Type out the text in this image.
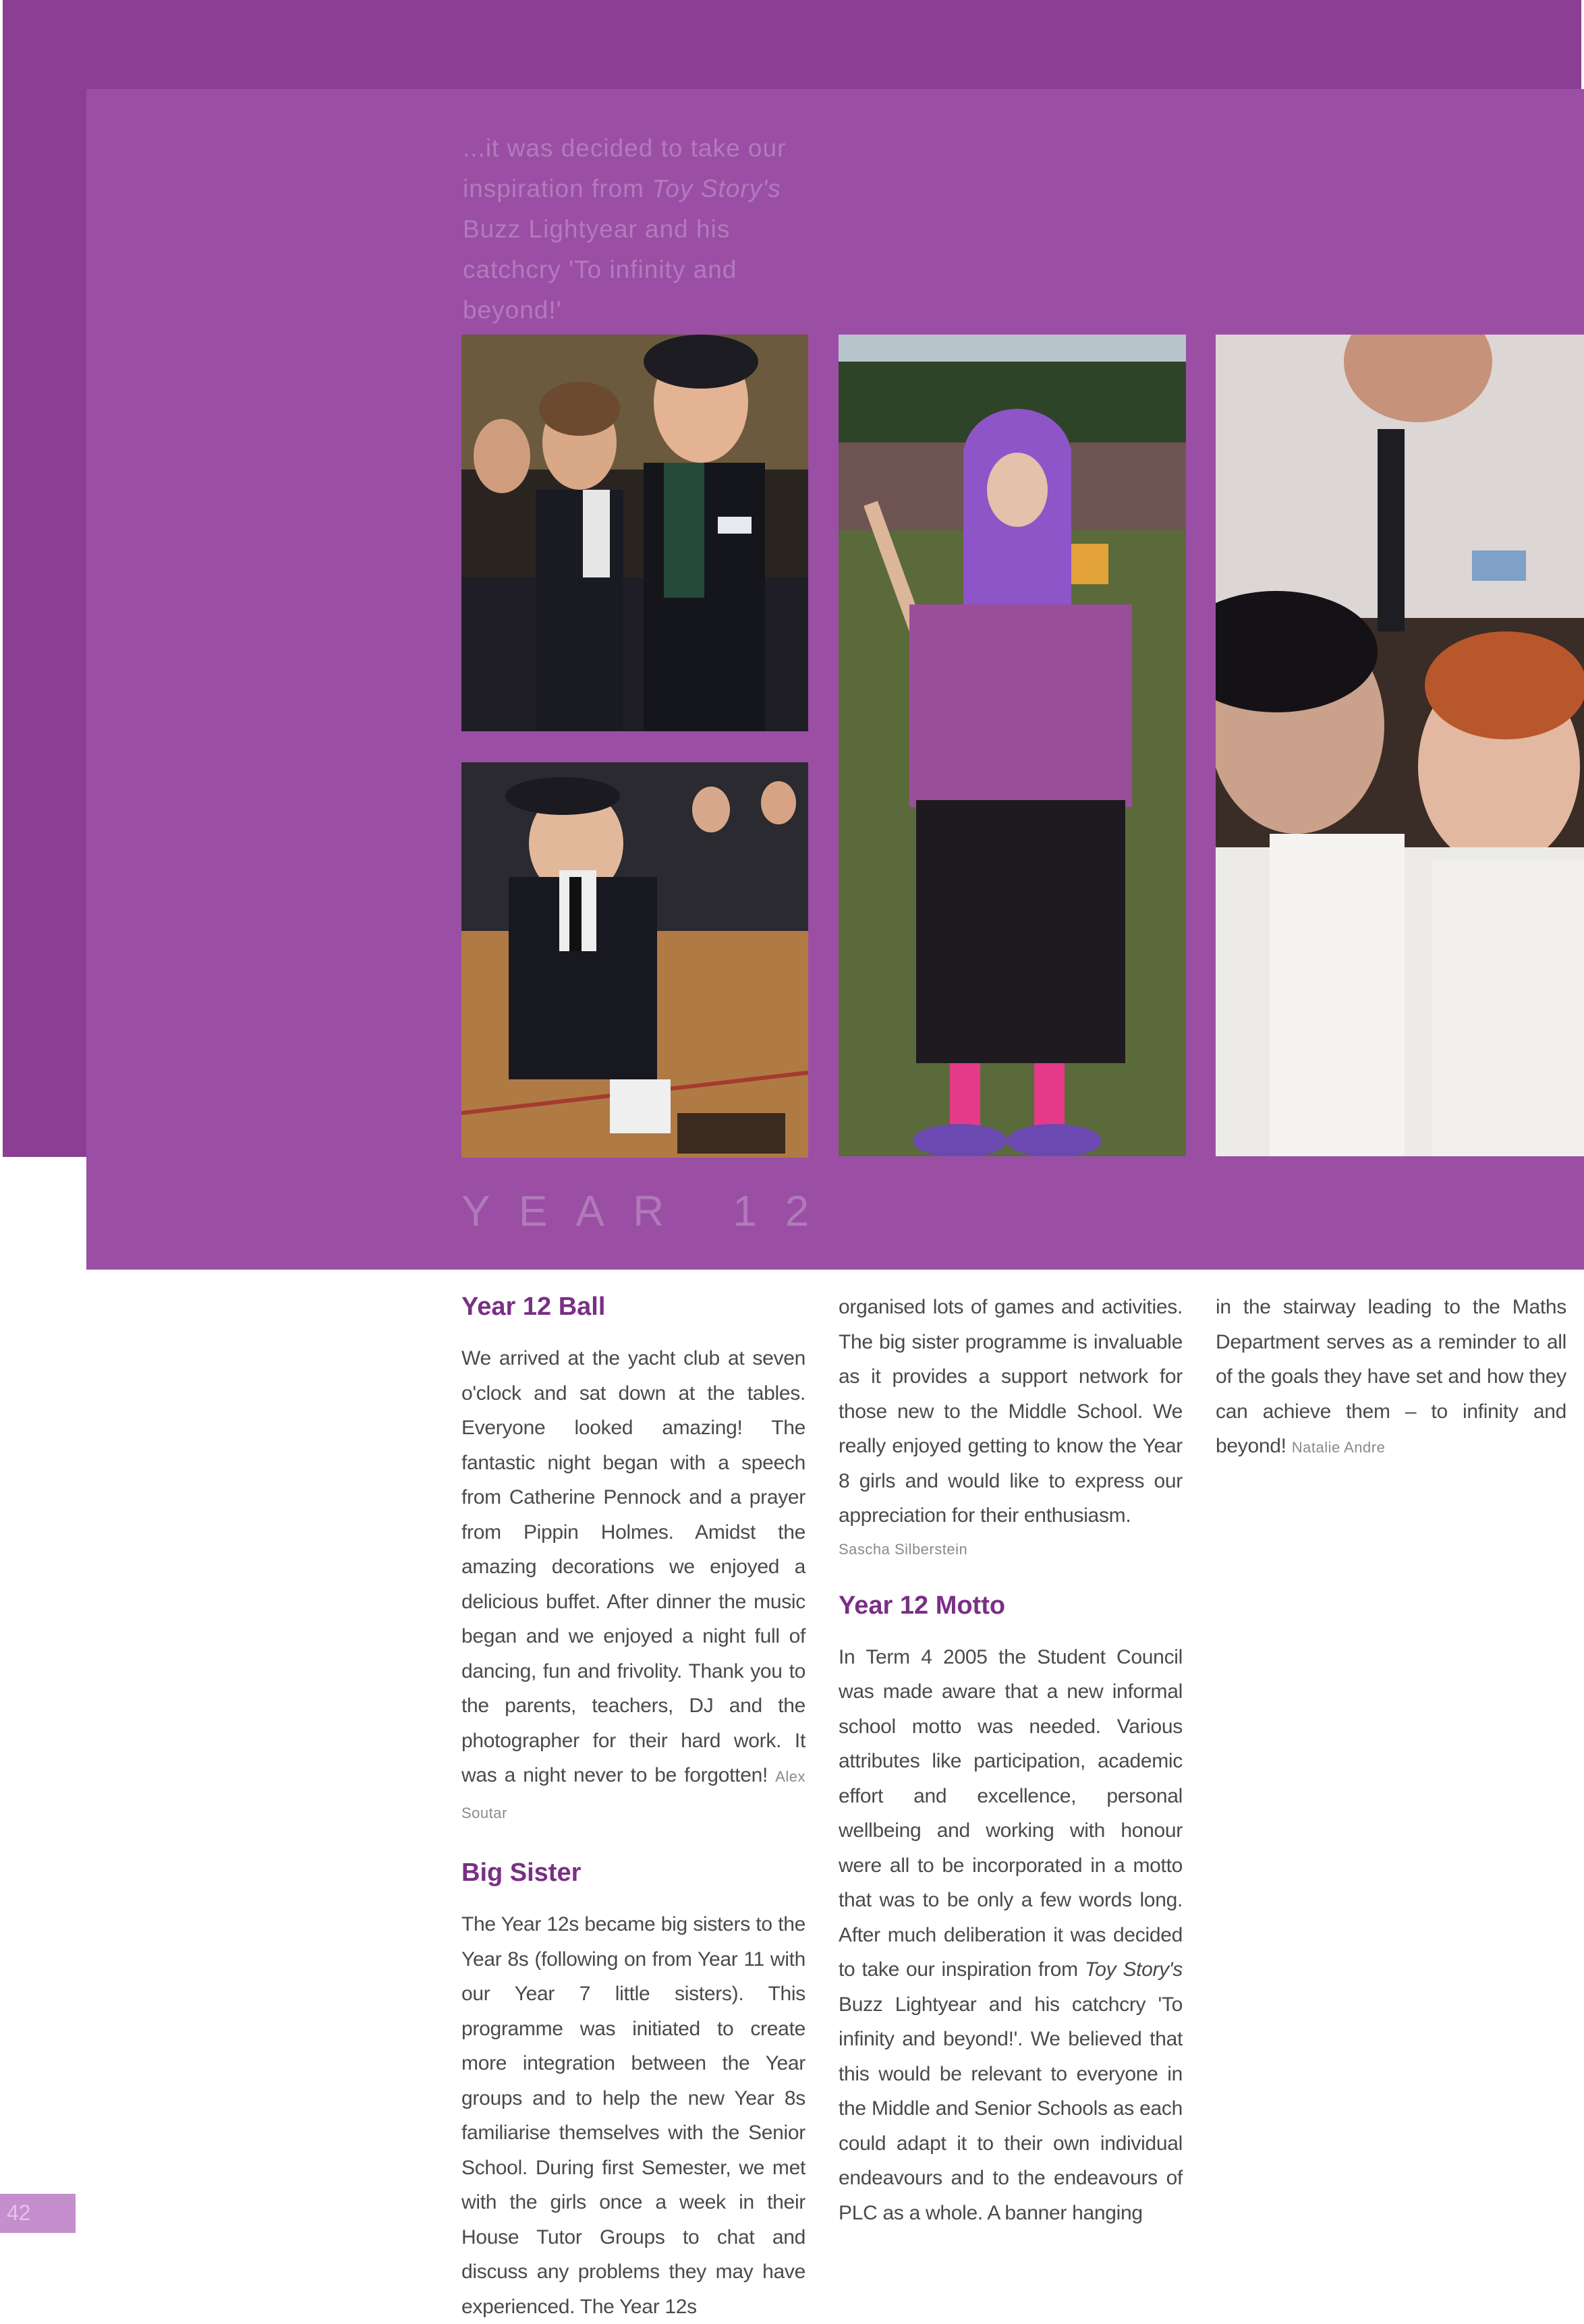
...it was decided to take our inspiration from Toy Story's Buzz Lightyear and his catchcry 'To infinity and beyond!'
YEAR 12
Year 12 Ball

We arrived at the yacht club at seven o'clock and sat down at the tables. Everyone looked amazing! The fantastic night began with a speech from Catherine Pennock and a prayer from Pippin Holmes. Amidst the amazing decorations we enjoyed a delicious buffet. After dinner the music began and we enjoyed a night full of dancing, fun and frivolity. Thank you to the parents, teachers, DJ and the photographer for their hard work. It was a night never to be forgotten! Alex Soutar

Big Sister

The Year 12s became big sisters to the Year 8s (following on from Year 11 with our Year 7 little sisters). This programme was initiated to create more integration between the Year groups and to help the new Year 8s familiarise themselves with the Senior School. During first Semester, we met with the girls once a week in their House Tutor Groups to chat and discuss any problems they may have experienced. The Year 12s

organised lots of games and activities. The big sister programme is invaluable as it provides a support network for those new to the Middle School. We really enjoyed getting to know the Year 8 girls and would like to express our appreciation for their enthusiasm.
Sascha Silberstein

Year 12 Motto

In Term 4 2005 the Student Council was made aware that a new informal school motto was needed. Various attributes like participation, academic effort and excellence, personal wellbeing and working with honour were all to be incorporated in a motto that was to be only a few words long. After much deliberation it was decided to take our inspiration from Toy Story's Buzz Lightyear and his catchcry 'To infinity and beyond!'. We believed that this would be relevant to everyone in the Middle and Senior Schools as each could adapt it to their own individual endeavours and to the endeavours of PLC as a whole. A banner hanging

in the stairway leading to the Maths Department serves as a reminder to all of the goals they have set and how they can achieve them – to infinity and beyond! Natalie Andre

42
